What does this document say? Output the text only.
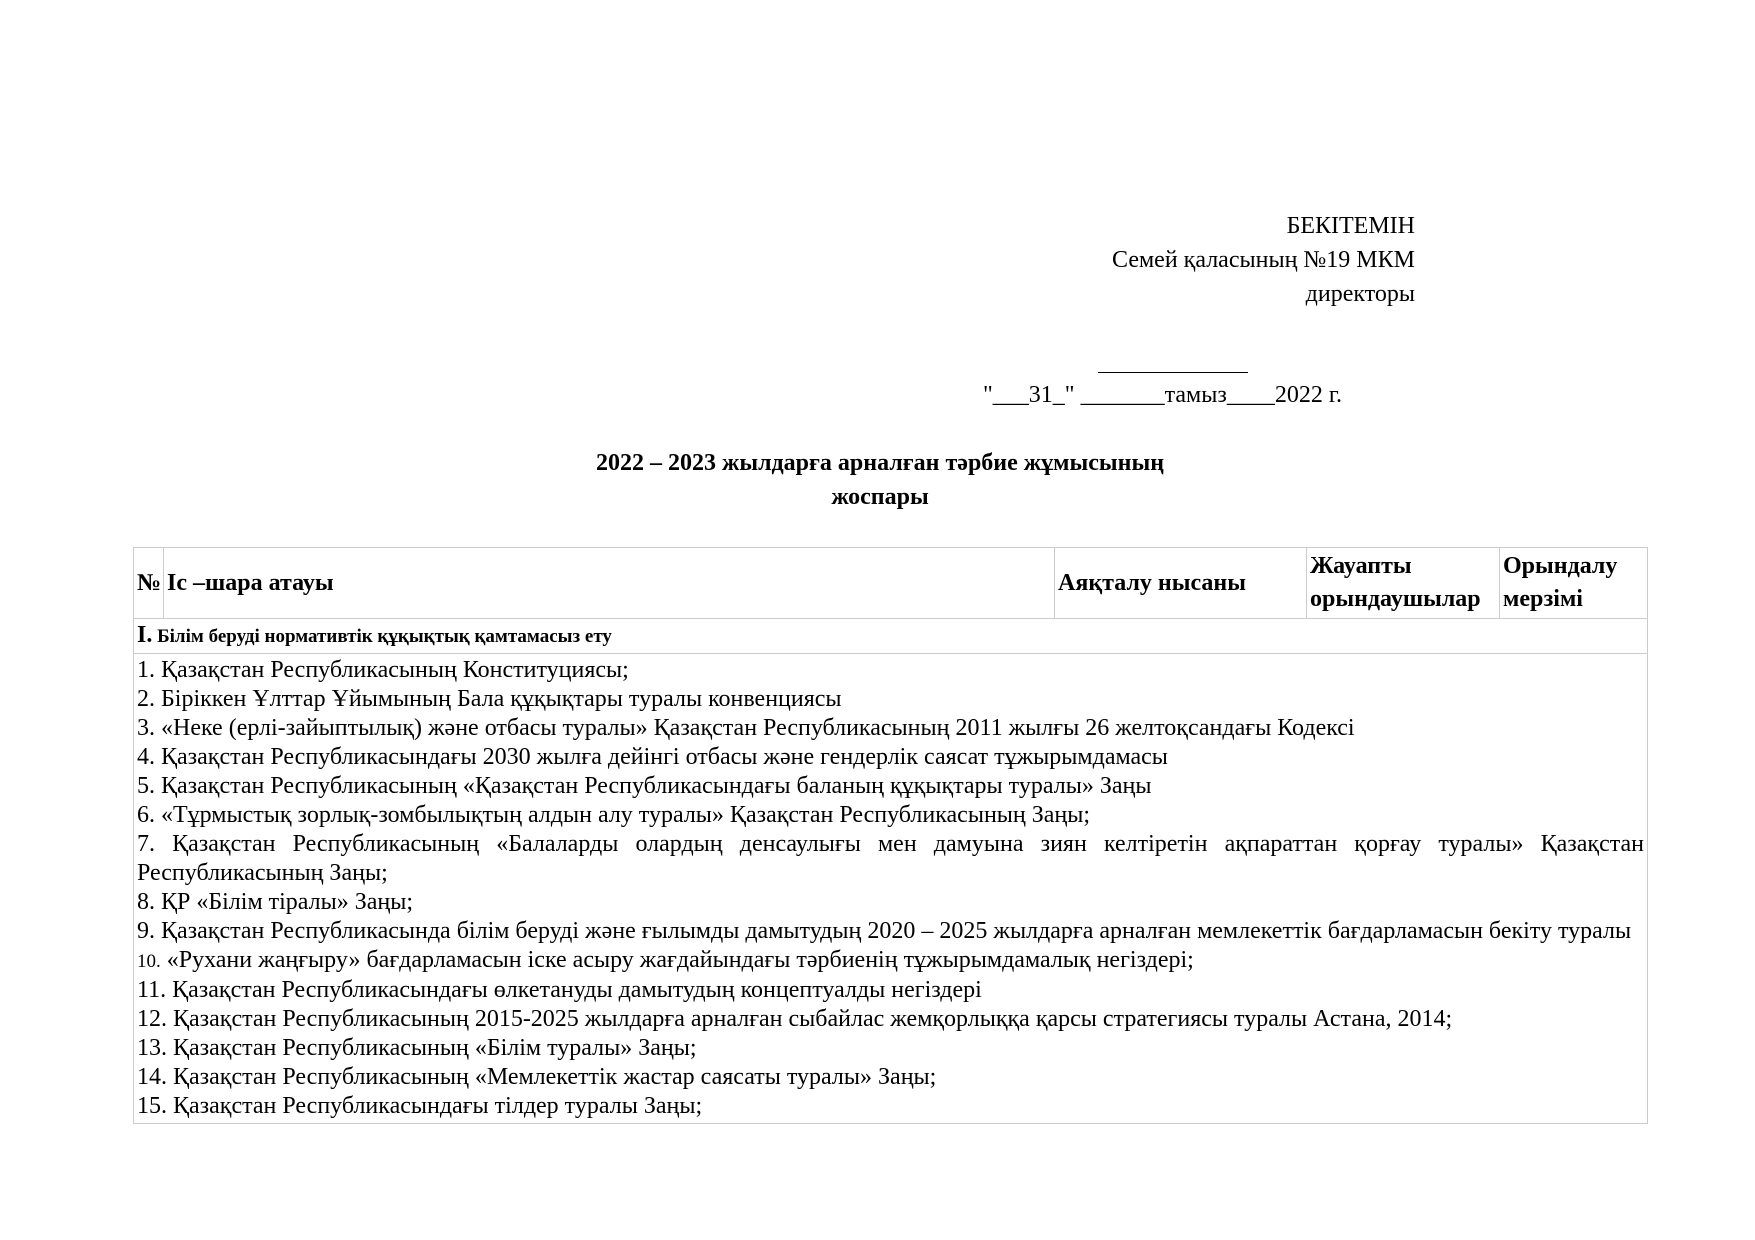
БЕКІТЕМІН
Семей қаласының №19 МКМ
директоры
"___31_" _______тамыз____2022 г.
2022 – 2023 жылдарға арналған тәрбие жұмысының
жоспары
№	Іс –шара атауы	Аяқталу нысаны	Жауапты орындаушылар	Орындалу мерзімі
І. Білім беруді нормативтік құқықтық қамтамасыз ету

1. Қазақстан Республикасының Конституциясы;
2. Біріккен Ұлттар Ұйымының Бала құқықтары туралы конвенциясы
3. «Неке (ерлі-зайыптылық) және отбасы туралы» Қазақстан Республикасының 2011 жылғы 26 желтоқсандағы Кодексі
4. Қазақстан Республикасындағы 2030 жылға дейінгі отбасы және гендерлік саясат тұжырымдамасы
5. Қазақстан Республикасының «Қазақстан Республикасындағы баланың құқықтары туралы» Заңы
6. «Тұрмыстық зорлық-зомбылықтың алдын алу туралы» Қазақстан Республикасының Заңы;
7. Қазақстан Республикасының «Балаларды олардың денсаулығы мен дамуына зиян келтіретін ақпараттан қорғау туралы» Қазақстан Республикасының Заңы;
8. ҚР «Білім тіралы» Заңы;
9. Қазақстан Республикасында білім беруді және ғылымды дамытудың 2020 – 2025 жылдарға арналған мемлекеттік бағдарламасын бекіту туралы
10. «Рухани жаңғыру» бағдарламасын іске асыру жағдайындағы тәрбиенің тұжырымдамалық негіздері;
11. Қазақстан Республикасындағы өлкетануды дамытудың концептуалды негіздері
12. Қазақстан Республикасының 2015-2025 жылдарға арналған сыбайлас жемқорлыққа қарсы стратегиясы туралы Астана, 2014;
13. Қазақстан Республикасының «Білім туралы» Заңы;
14. Қазақстан Республикасының «Мемлекеттік жастар саясаты туралы» Заңы;
15. Қазақстан Республикасындағы тілдер туралы Заңы;
